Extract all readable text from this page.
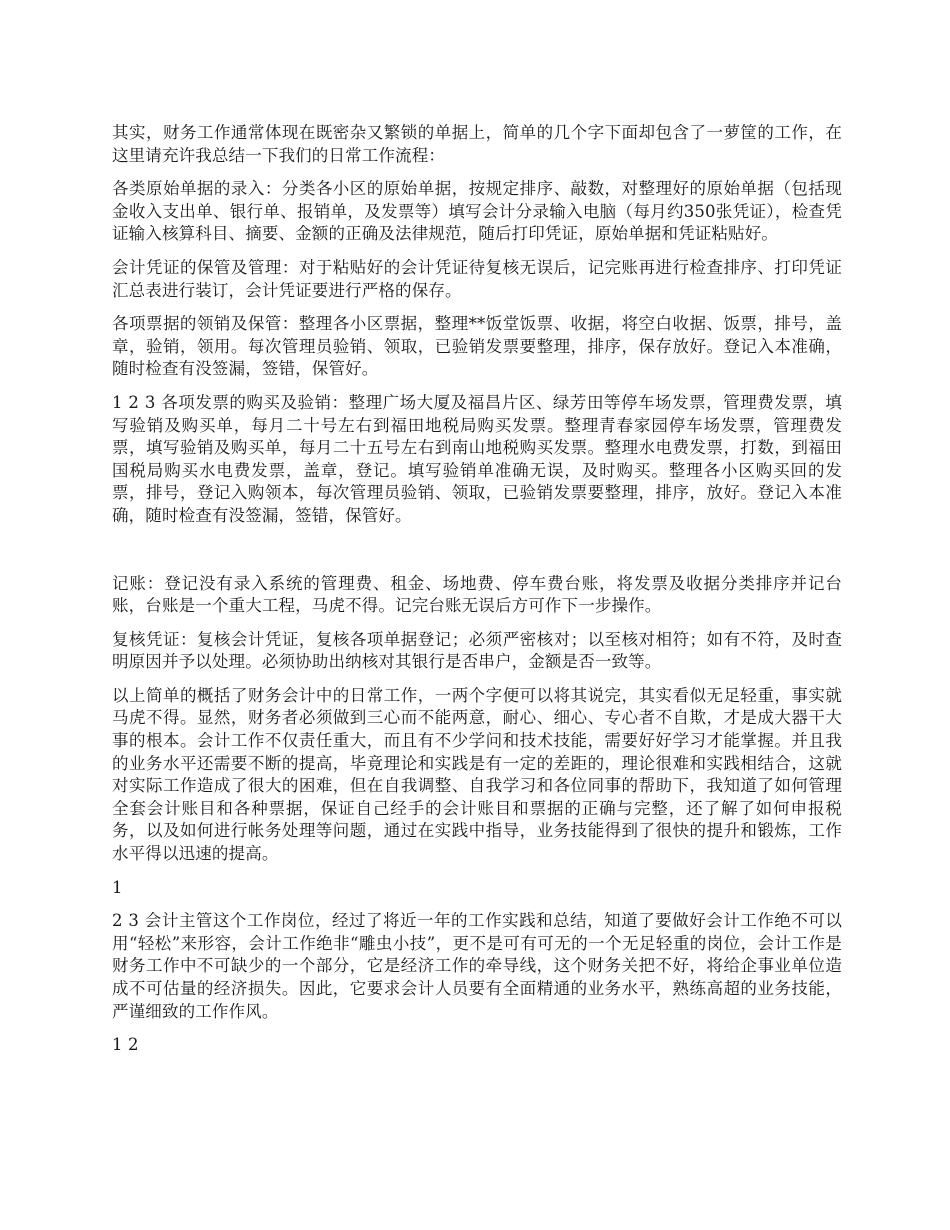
其实，财务工作通常体现在既密杂又繁锁的单据上，简单的几个字下面却包含了一萝筐的工作，在这里请充许我总结一下我们的日常工作流程：

各类原始单据的录入：分类各小区的原始单据，按规定排序、敲数，对整理好的原始单据（包括现金收入支出单、银行单、报销单，及发票等）填写会计分录输入电脑（每月约350张凭证），检查凭证输入核算科目、摘要、金额的正确及法律规范，随后打印凭证，原始单据和凭证粘贴好。

会计凭证的保管及管理：对于粘贴好的会计凭证待复核无误后，记完账再进行检查排序、打印凭证汇总表进行装订，会计凭证要进行严格的保存。

各项票据的领销及保管：整理各小区票据，整理**饭堂饭票、收据，将空白收据、饭票，排号，盖章，验销，领用。每次管理员验销、领取，已验销发票要整理，排序，保存放好。登记入本准确，随时检查有没签漏，签错，保管好。

1 2 3 各项发票的购买及验销：整理广场大厦及福昌片区、绿芳田等停车场发票，管理费发票，填写验销及购买单，每月二十号左右到福田地税局购买发票。整理青春家园停车场发票，管理费发票，填写验销及购买单，每月二十五号左右到南山地税购买发票。整理水电费发票，打数，到福田国税局购买水电费发票，盖章，登记。填写验销单准确无误，及时购买。整理各小区购买回的发票，排号，登记入购领本，每次管理员验销、领取，已验销发票要整理，排序，放好。登记入本准确，随时检查有没签漏，签错，保管好。

记账：登记没有录入系统的管理费、租金、场地费、停车费台账，将发票及收据分类排序并记台账，台账是一个重大工程，马虎不得。记完台账无误后方可作下一步操作。

复核凭证：复核会计凭证，复核各项单据登记；必须严密核对；以至核对相符；如有不符，及时查明原因并予以处理。必须协助出纳核对其银行是否串户，金额是否一致等。

以上简单的概括了财务会计中的日常工作，一两个字便可以将其说完，其实看似无足轻重，事实就马虎不得。显然，财务者必须做到三心而不能两意，耐心、细心、专心者不自欺，才是成大器干大事的根本。会计工作不仅责任重大，而且有不少学问和技术技能，需要好好学习才能掌握。并且我的业务水平还需要不断的提高，毕竟理论和实践是有一定的差距的，理论很难和实践相结合，这就对实际工作造成了很大的困难，但在自我调整、自我学习和各位同事的帮助下，我知道了如何管理全套会计账目和各种票据，保证自己经手的会计账目和票据的正确与完整，还了解了如何申报税务，以及如何进行帐务处理等问题，通过在实践中指导，业务技能得到了很快的提升和锻炼，工作水平得以迅速的提高。

1

2 3 会计主管这个工作岗位，经过了将近一年的工作实践和总结，知道了要做好会计工作绝不可以用“轻松”来形容，会计工作绝非“雕虫小技”，更不是可有可无的一个无足轻重的岗位，会计工作是财务工作中不可缺少的一个部分，它是经济工作的牵导线，这个财务关把不好，将给企事业单位造成不可估量的经济损失。因此，它要求会计人员要有全面精通的业务水平，熟练高超的业务技能，严谨细致的工作作风。

1 2
